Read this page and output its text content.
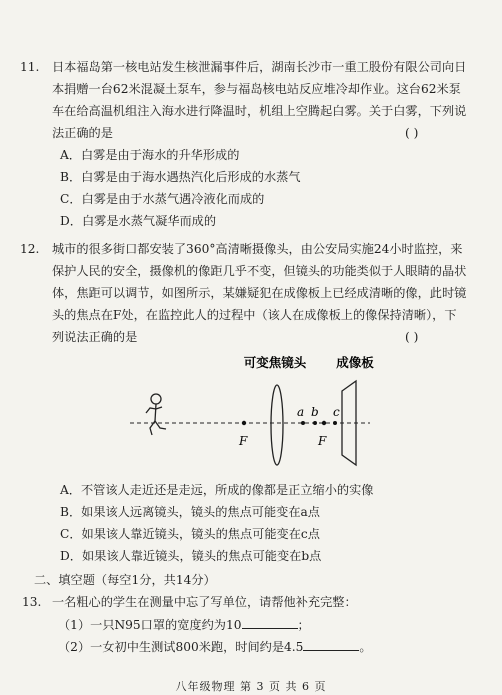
11. 日本福岛第一核电站发生核泄漏事件后，湖南长沙市一重工股份有限公司向日
本捐赠一台62米混凝土泵车，参与福岛核电站反应堆冷却作业。这台62米泵
车在给高温机组注入海水进行降温时，机组上空腾起白雾。关于白雾，下列说
法正确的是	( )
A．白雾是由于海水的升华形成的
B．白雾是由于海水遇热汽化后形成的水蒸气
C．白雾是由于水蒸气遇冷液化而成的
D．白雾是水蒸气凝华而成的
12. 城市的很多街口都安装了360°高清晰摄像头，由公安局实施24小时监控，来
保护人民的安全，摄像机的像距几乎不变，但镜头的功能类似于人眼睛的晶状
体，焦距可以调节，如图所示，某嫌疑犯在成像板上已经成清晰的像，此时镜
头的焦点在F处，在监控此人的过程中（该人在成像板上的像保持清晰），下
列说法正确的是	( )
可变焦镜头 成像板
F
a b c
F
A．不管该人走近还是走远，所成的像都是正立缩小的实像
B．如果该人远离镜头，镜头的焦点可能变在a点
C．如果该人靠近镜头，镜头的焦点可能变在c点
D．如果该人靠近镜头，镜头的焦点可能变在b点
二、填空题（每空1分，共14分）
13. 一名粗心的学生在测量中忘了写单位，请帮他补充完整：
（1）一只N95口罩的宽度约为10	；
（2）一女初中生测试800米跑，时间约是4.5	。
八年级物理 第 3 页 共 6 页
